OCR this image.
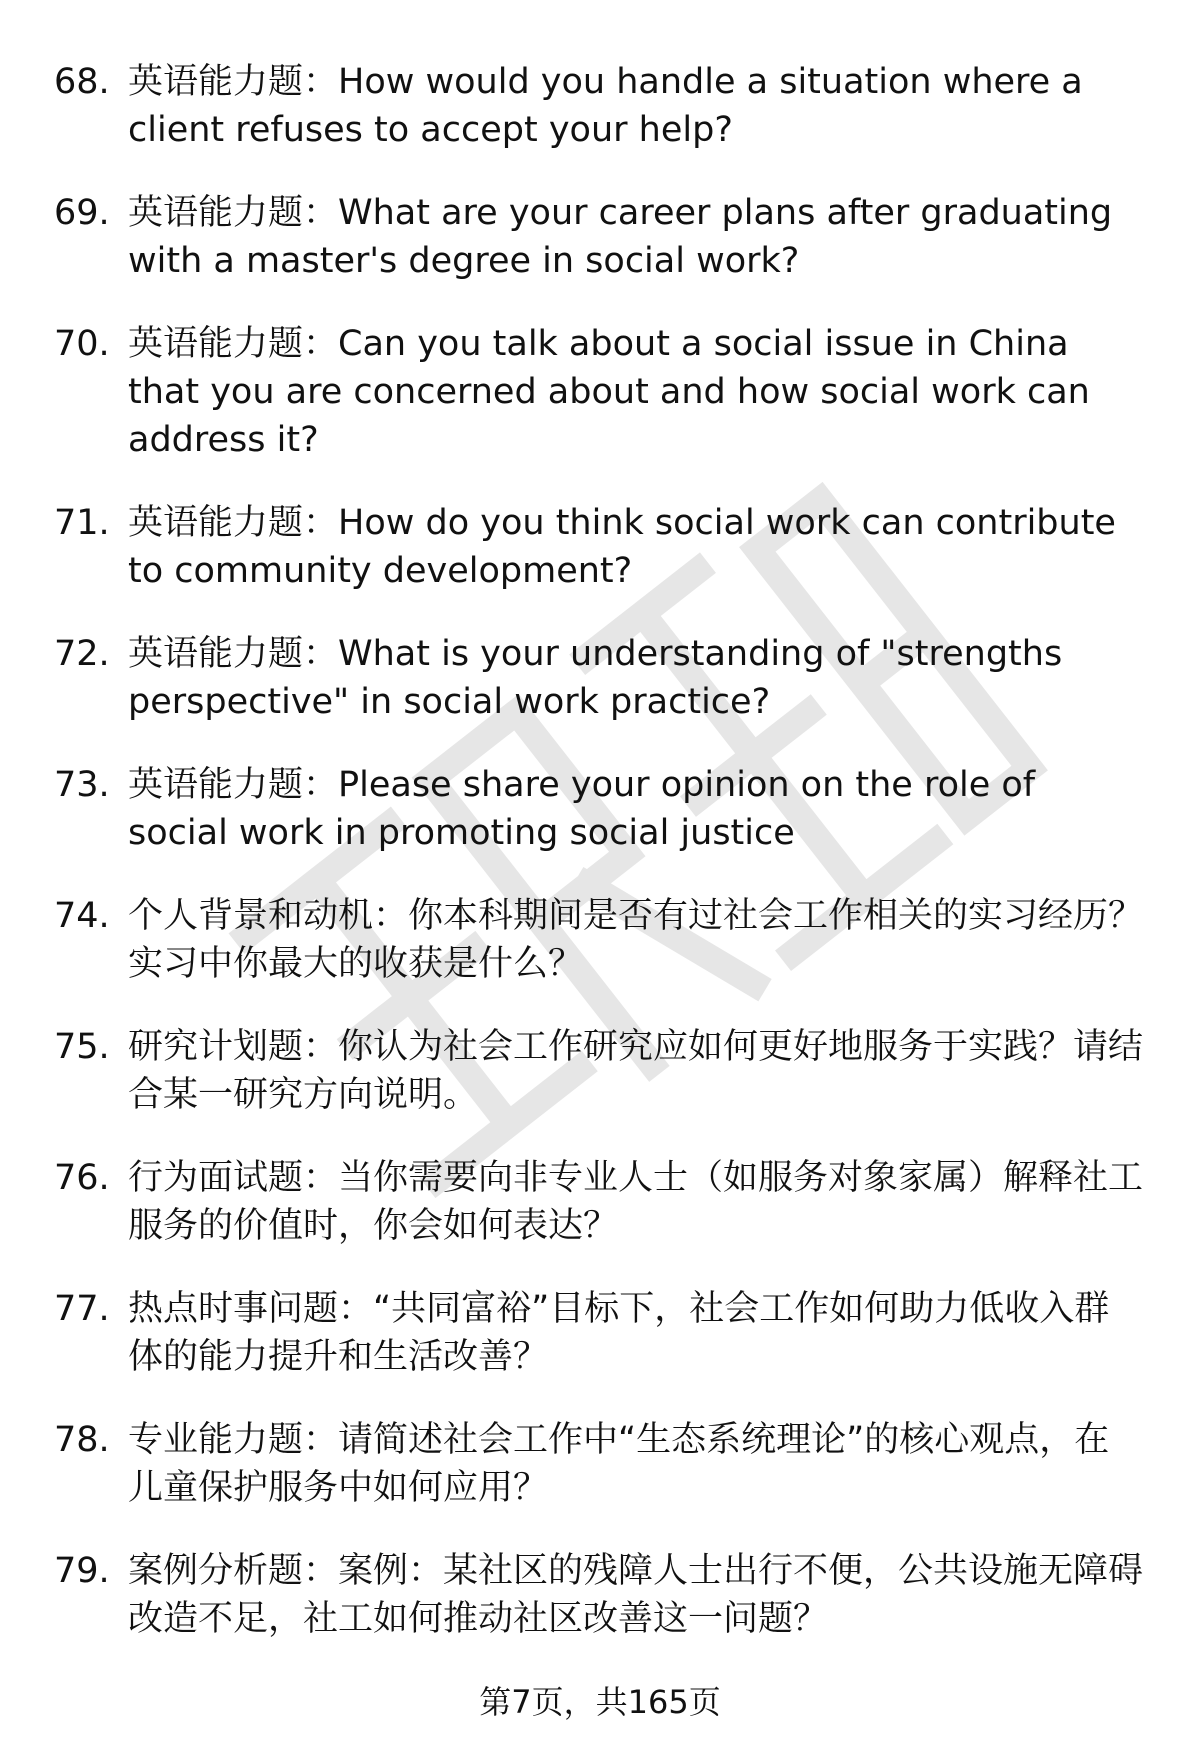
68. 英语能力题：How would you handle a situation where a client refuses to accept your help?
69. 英语能力题：What are your career plans after graduating with a master's degree in social work?
70. 英语能力题：Can you talk about a social issue in China that you are concerned about and how social work can address it?
71. 英语能力题：How do you think social work can contribute to community development?
72. 英语能力题：What is your understanding of "strengths perspective" in social work practice?
73. 英语能力题：Please share your opinion on the role of social work in promoting social justice
74. 个人背景和动机：你本科期间是否有过社会工作相关的实习经历？实习中你最大的收获是什么？
75. 研究计划题：你认为社会工作研究应如何更好地服务于实践？请结合某一研究方向说明。
76. 行为面试题：当你需要向非专业人士（如服务对象家属）解释社工服务的价值时，你会如何表达？
77. 热点时事问题：“共同富裕”目标下，社会工作如何助力低收入群体的能力提升和生活改善？
78. 专业能力题：请简述社会工作中“生态系统理论”的核心观点，在儿童保护服务中如何应用？
79. 案例分析题：案例：某社区的残障人士出行不便，公共设施无障碍改造不足，社工如何推动社区改善这一问题？
第7页，共165页
